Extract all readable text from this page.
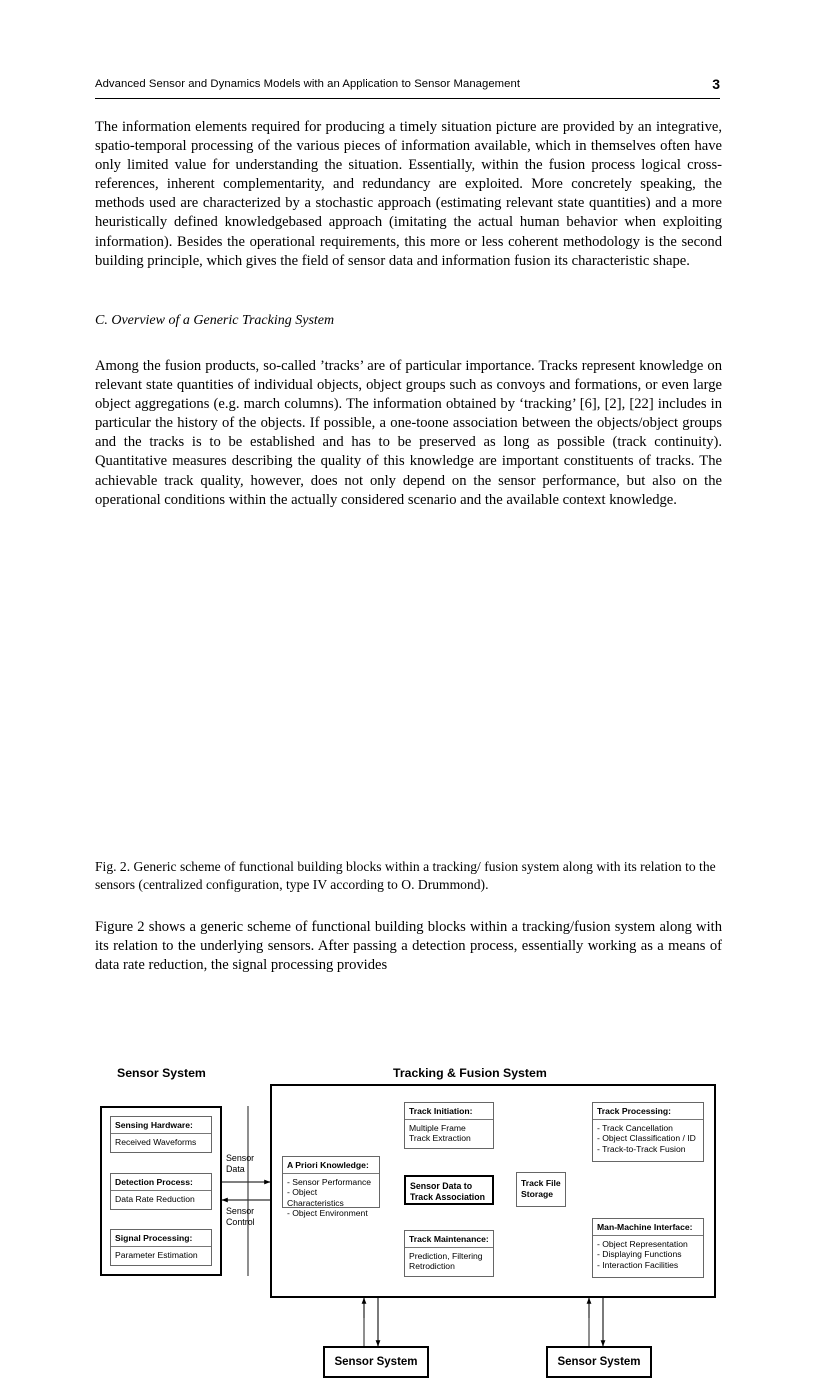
Advanced Sensor and Dynamics Models with an Application to Sensor Management	3
The information elements required for producing a timely situation picture are provided by an integrative, spatio-temporal processing of the various pieces of information available, which in themselves often have only limited value for understanding the situation. Essentially, within the fusion process logical cross-references, inherent complementarity, and redundancy are exploited. More concretely speaking, the methods used are characterized by a stochastic approach (estimating relevant state quantities) and a more heuristically defined knowledgebased approach (imitating the actual human behavior when exploiting information). Besides the operational requirements, this more or less coherent methodology is the second building principle, which gives the field of sensor data and information fusion its characteristic shape.
C. Overview of a Generic Tracking System
Among the fusion products, so-called ’tracks’ are of particular importance. Tracks represent knowledge on relevant state quantities of individual objects, object groups such as convoys and formations, or even large object aggregations (e.g. march columns). The information obtained by ‘tracking’ [6], [2], [22] includes in particular the history of the objects. If possible, a one-toone association between the objects/object groups and the tracks is to be established and has to be preserved as long as possible (track continuity). Quantitative measures describing the quality of this knowledge are important constituents of tracks. The achievable track quality, however, does not only depend on the sensor performance, but also on the operational conditions within the actually considered scenario and the available context knowledge.
Sensor System
Sensing Hardware:
Received Waveforms
Detection Process:
Data Rate Reduction
Signal Processing:
Parameter Estimation
Sensor
Data
Sensor
Control
Tracking & Fusion System
A Priori Knowledge:
- Sensor Performance
- Object Characteristics
- Object Environment
Track Initiation:
Multiple Frame
Track Extraction
Sensor Data to
Track Association
Track Maintenance:
Prediction, Filtering
Retrodiction
Track File
Storage
Track Processing:
- Track Cancellation
- Object Classification / ID
- Track-to-Track Fusion
Man-Machine Interface:
- Object Representation
- Displaying Functions
- Interaction Facilities
Sensor System	Sensor System
Fig. 2. Generic scheme of functional building blocks within a tracking/ fusion system along with its relation to the sensors (centralized configuration, type IV according to O. Drummond).
Figure 2 shows a generic scheme of functional building blocks within a tracking/fusion system along with its relation to the underlying sensors. After passing a detection process, essentially working as a means of data rate reduction, the signal processing provides
